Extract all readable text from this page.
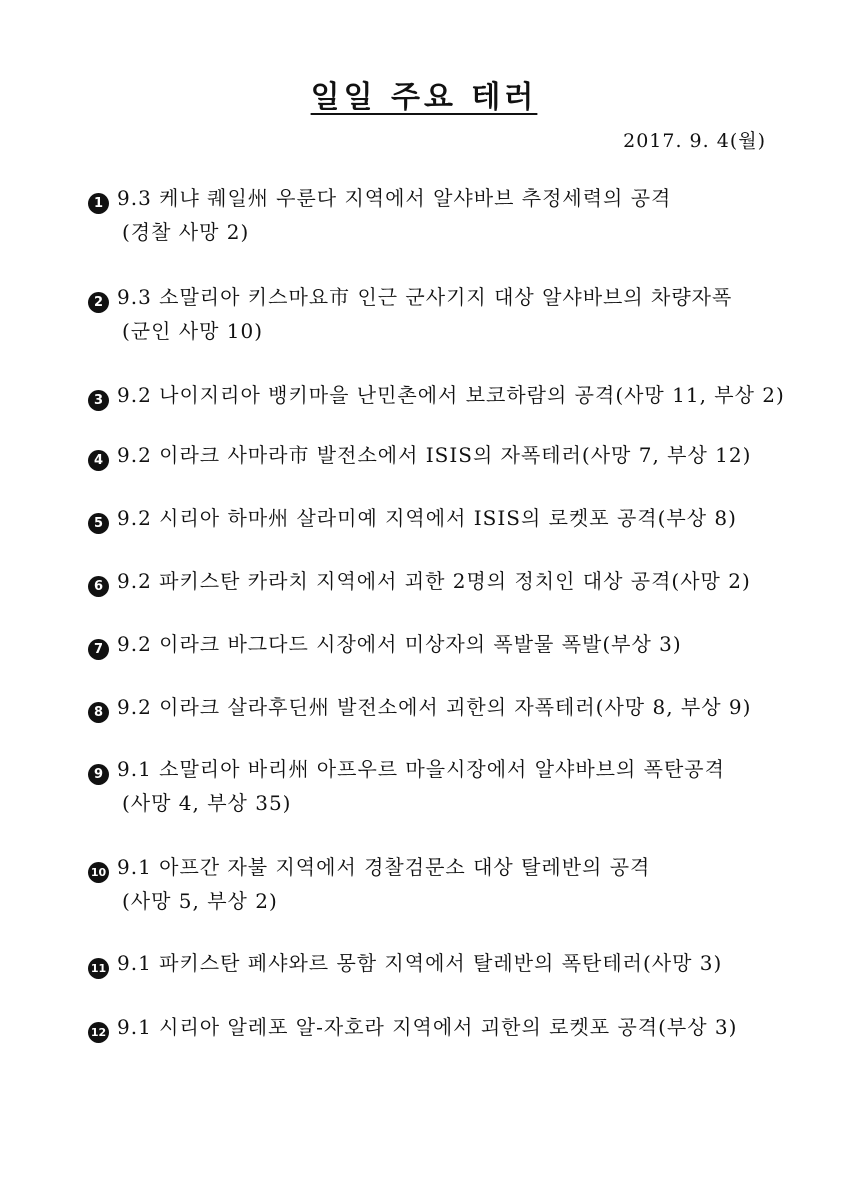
일일 주요 테러
2017. 9. 4(월)
1 9.3 케냐 퀘일州 우룬다 지역에서 알샤바브 추정세력의 공격
(경찰 사망 2)
2 9.3 소말리아 키스마요市 인근 군사기지 대상 알샤바브의 차량자폭
(군인 사망 10)
3 9.2 나이지리아 뱅키마을 난민촌에서 보코하람의 공격(사망 11, 부상 2)
4 9.2 이라크 사마라市 발전소에서 ISIS의 자폭테러(사망 7, 부상 12)
5 9.2 시리아 하마州 살라미예 지역에서 ISIS의 로켓포 공격(부상 8)
6 9.2 파키스탄 카라치 지역에서 괴한 2명의 정치인 대상 공격(사망 2)
7 9.2 이라크 바그다드 시장에서 미상자의 폭발물 폭발(부상 3)
8 9.2 이라크 살라후딘州 발전소에서 괴한의 자폭테러(사망 8, 부상 9)
9 9.1 소말리아 바리州 아프우르 마을시장에서 알샤바브의 폭탄공격
(사망 4, 부상 35)
10 9.1 아프간 자불 지역에서 경찰검문소 대상 탈레반의 공격
(사망 5, 부상 2)
11 9.1 파키스탄 페샤와르 몽함 지역에서 탈레반의 폭탄테러(사망 3)
12 9.1 시리아 알레포 알-자호라 지역에서 괴한의 로켓포 공격(부상 3)
